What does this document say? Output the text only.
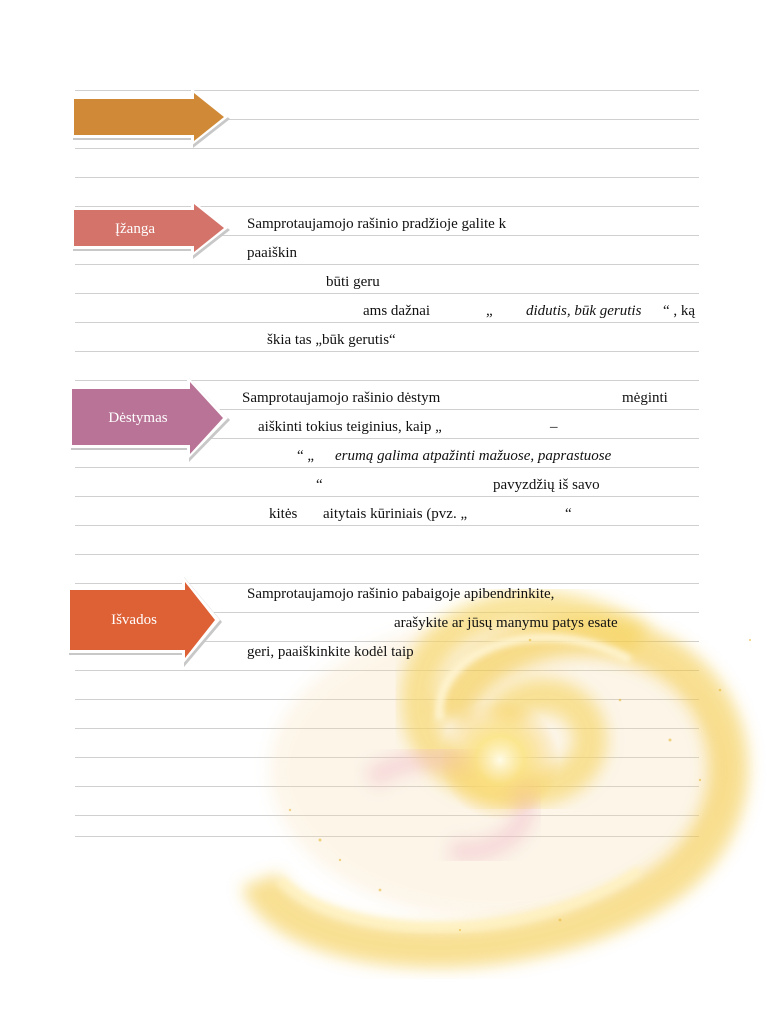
Įžanga
Dėstymas
Išvados
Samprotaujamojo rašinio pradžioje galite k
paaiškin
būti geru
ams dažnai	„ didutis, būk gerutis “ , ką
škia tas „būk gerutis“
Samprotaujamojo rašinio dėstym	mėginti
aiškinti tokius teiginius, kaip „	–
“ „ erumą galima atpažinti mažuose, paprastuose
“	pavyzdžių iš savo
kitės aitytais kūriniais (pvz. „	“
Samprotaujamojo rašinio pabaigoje apibendrinkite,
arašykite ar jūsų manymu patys esate
geri, paaiškinkite kodėl taip
